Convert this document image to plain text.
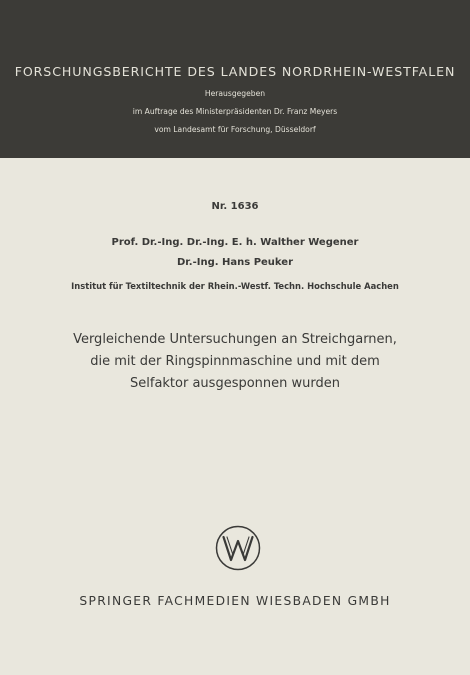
FORSCHUNGSBERICHTE DES LANDES NORDRHEIN-WESTFALEN
Herausgegeben
im Auftrage des Ministerpräsidenten Dr. Franz Meyers
vom Landesamt für Forschung, Düsseldorf
Nr. 1636
Prof. Dr.-Ing. Dr.-Ing. E. h. Walther Wegener
Dr.-Ing. Hans Peuker
Institut für Textiltechnik der Rhein.-Westf. Techn. Hochschule Aachen
Vergleichende Untersuchungen an Streichgarnen,
die mit der Ringspinnmaschine und mit dem
Selfaktor ausgesponnen wurden
SPRINGER FACHMEDIEN WIESBADEN GMBH
